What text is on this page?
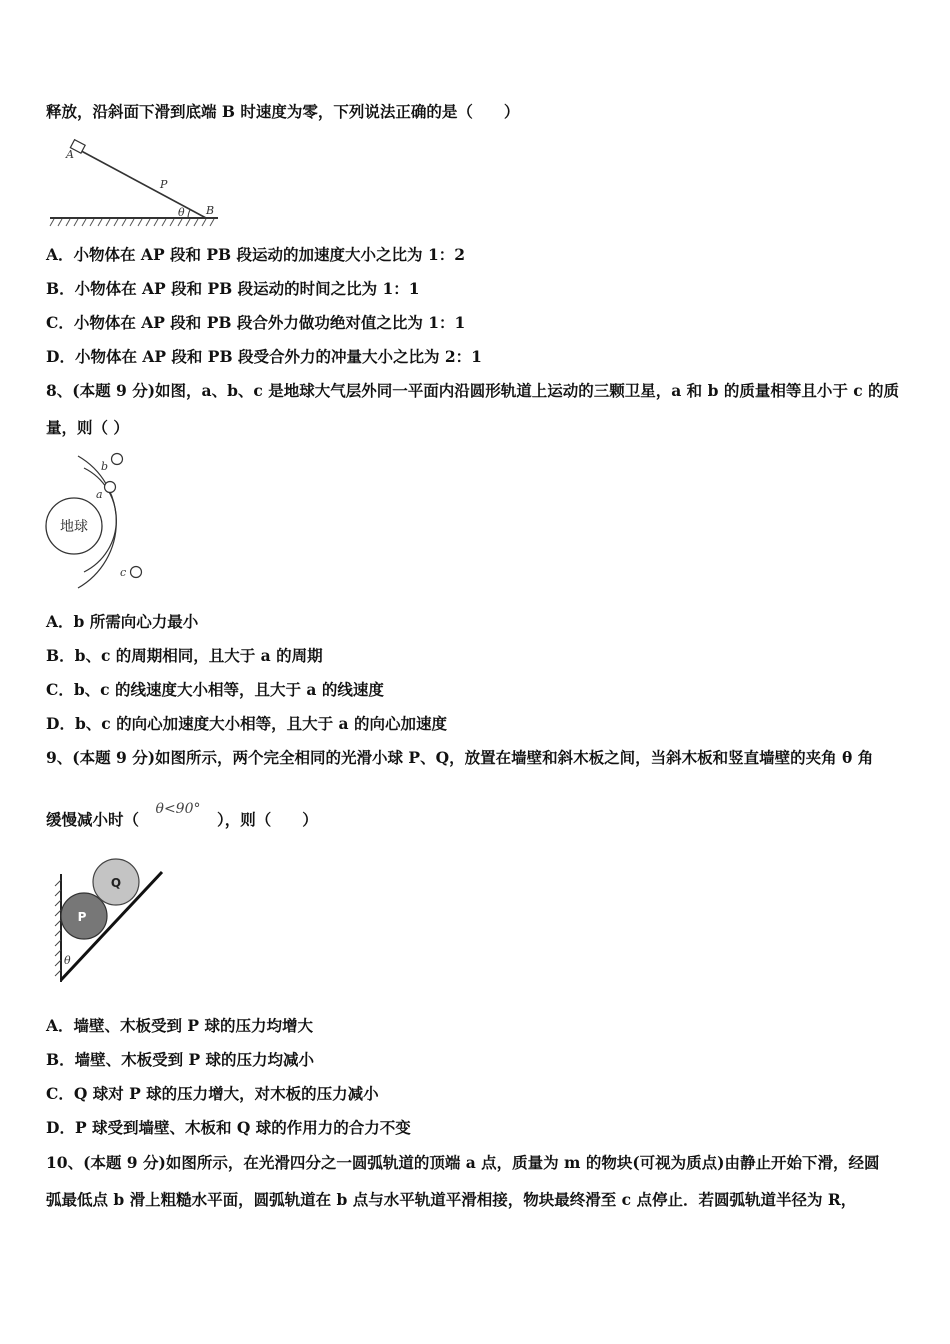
释放，沿斜面下滑到底端 B 时速度为零，下列说法正确的是（　　）
A
P
B
θ
A．小物体在 AP 段和 PB 段运动的加速度大小之比为 1：2
B．小物体在 AP 段和 PB 段运动的时间之比为 1：1
C．小物体在 AP 段和 PB 段合外力做功绝对值之比为 1：1
D．小物体在 AP 段和 PB 段受合外力的冲量大小之比为 2：1
8、(本题 9 分)如图，a、b、c 是地球大气层外同一平面内沿圆形轨道上运动的三颗卫星，a 和 b 的质量相等且小于 c 的质
量，则（ ）
地球
b
a
c
A．b 所需向心力最小
B．b、c 的周期相同，且大于 a 的周期
C．b、c 的线速度大小相等，且大于 a 的线速度
D．b、c 的向心加速度大小相等，且大于 a 的向心加速度
9、(本题 9 分)如图所示，两个完全相同的光滑小球 P、Q，放置在墙壁和斜木板之间，当斜木板和竖直墙壁的夹角 θ 角
缓慢减小时（θ<90°），则（　　）
P
Q
θ
A．墙壁、木板受到 P 球的压力均增大
B．墙壁、木板受到 P 球的压力均减小
C．Q 球对 P 球的压力增大，对木板的压力减小
D．P 球受到墙壁、木板和 Q 球的作用力的合力不变
10、(本题 9 分)如图所示，在光滑四分之一圆弧轨道的顶端 a 点，质量为 m 的物块(可视为质点)由静止开始下滑，经圆
弧最低点 b 滑上粗糙水平面，圆弧轨道在 b 点与水平轨道平滑相接，物块最终滑至 c 点停止．若圆弧轨道半径为 R，
